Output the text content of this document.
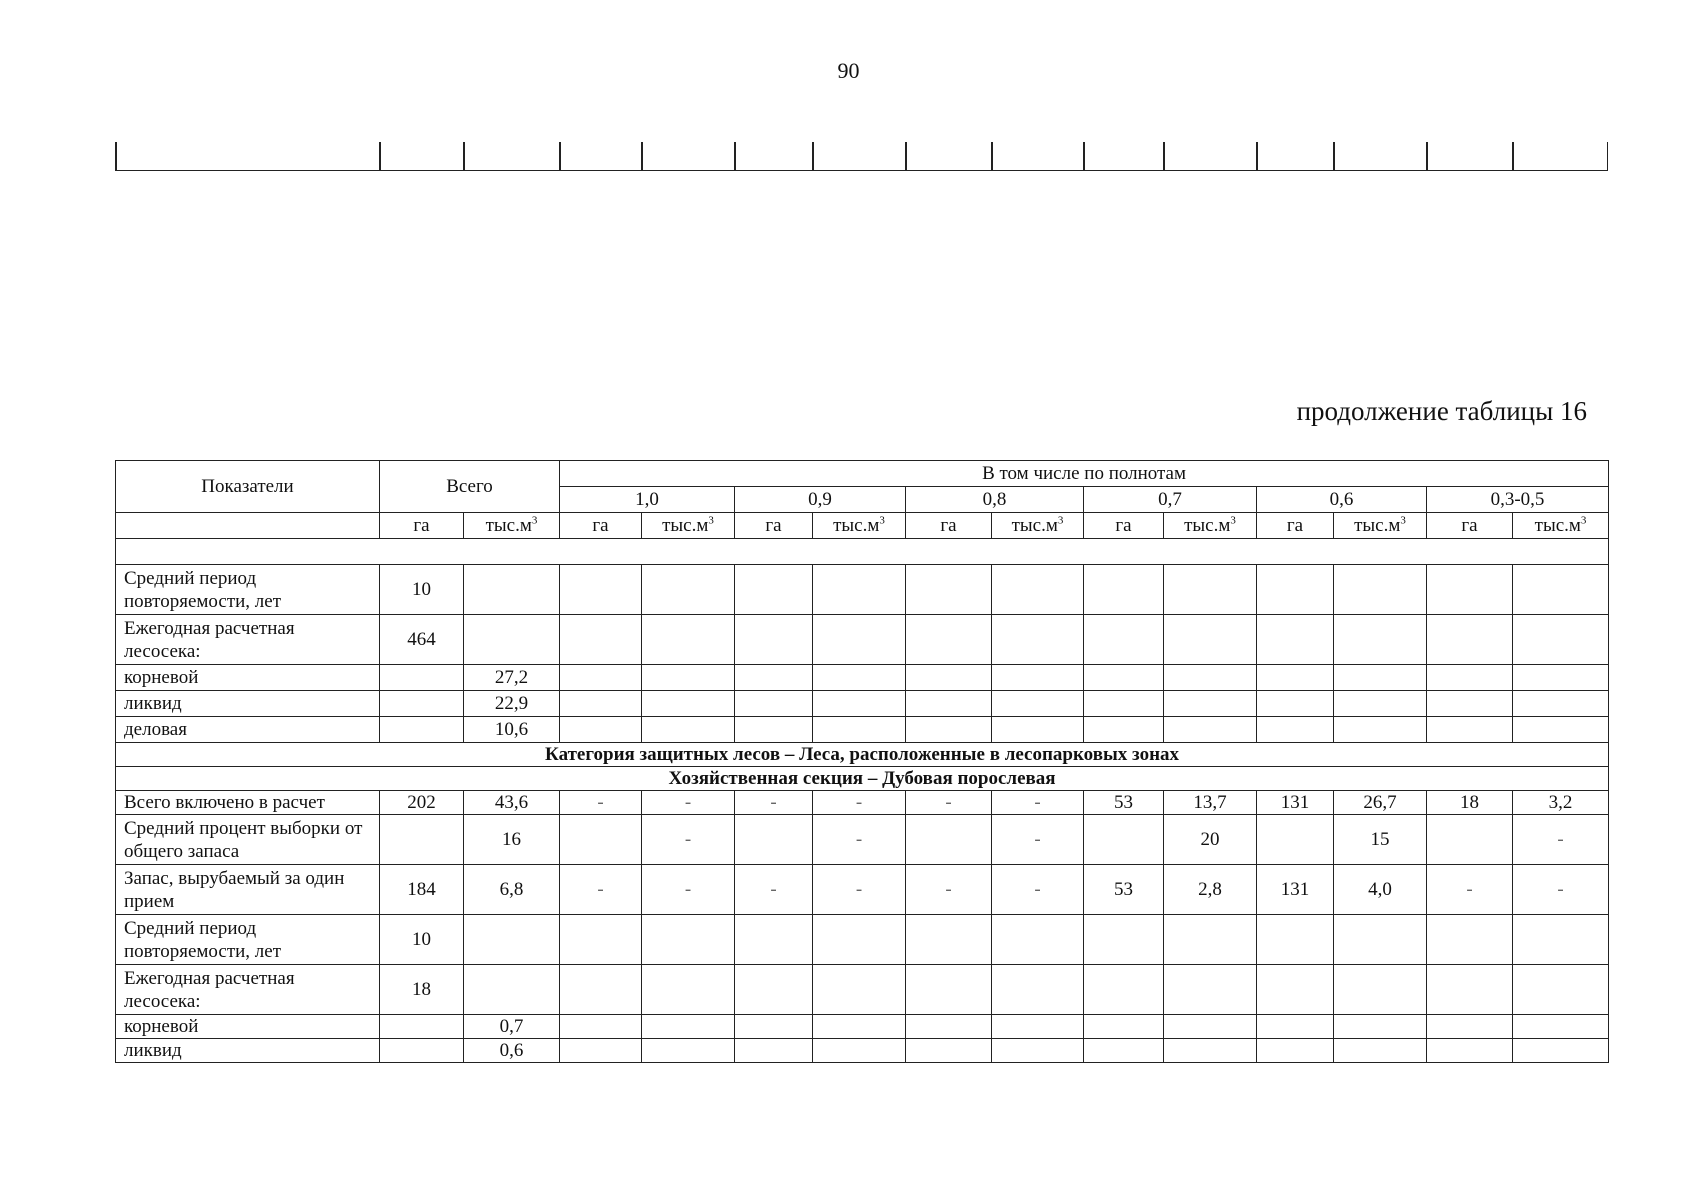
90
продолжение таблицы 16
Показатели	Всего		В том числе по полнотам											
			1,0		0,9		0,8		0,7		0,6		0,3-0,5	
	га	$тыс.м^3$	га	$тыс.м^3$	га	$тыс.м^3$	га	$тыс.м^3$	га	$тыс.м^3$	га	$тыс.м^3$	га	$тыс.м^3$

Средний период повторяемости, лет	10													
Ежегодная расчетная лесосека:	464													
корневой		27,2												
ликвид		22,9												
деловая		10,6												
Категория защитных лесов – Леса, расположенные в лесопарковых зонах														
Хозяйственная секция – Дубовая порослевая														
Всего включено в расчет	202	43,6	-	-	-	-	-	-	53	13,7	131	26,7	18	3,2
Средний процент выборки от общего запаса		16		-		-		-		20		15		-
Запас, вырубаемый за один прием	184	6,8	-	-	-	-	-	-	53	2,8	131	4,0	-	-
Средний период повторяемости, лет	10													
Ежегодная расчетная лесосека:	18													
корневой		0,7												
ликвид		0,6												
